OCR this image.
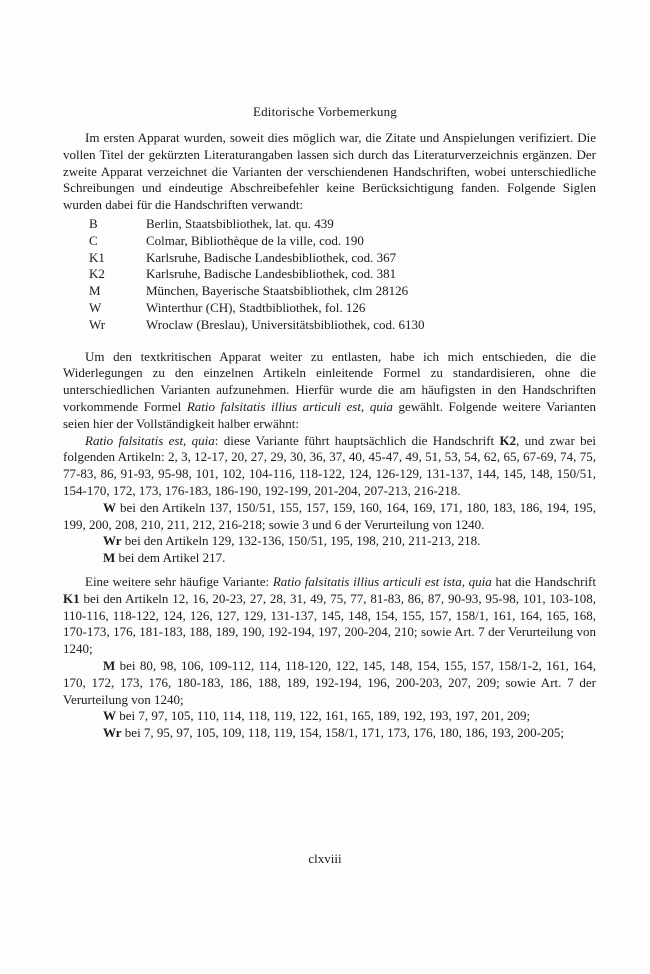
Editorische Vorbemerkung

Im ersten Apparat wurden, soweit dies möglich war, die Zitate und Anspielungen verifiziert. Die vollen Titel der gekürzten Literaturangaben lassen sich durch das Literaturverzeichnis ergänzen. Der zweite Apparat verzeichnet die Varianten der verschiendenen Handschriften, wobei unterschiedliche Schreibungen und eindeutige Abschreibefehler keine Berücksichtigung fanden. Folgende Siglen wurden dabei für die Handschriften verwandt:

B	Berlin, Staatsbibliothek, lat. qu. 439
C	Colmar, Bibliothèque de la ville, cod. 190
K1	Karlsruhe, Badische Landesbibliothek, cod. 367
K2	Karlsruhe, Badische Landesbibliothek, cod. 381
M	München, Bayerische Staatsbibliothek, clm 28126
W	Winterthur (CH), Stadtbibliothek, fol. 126
Wr	Wroclaw (Breslau), Universitätsbibliothek, cod. 6130

Um den textkritischen Apparat weiter zu entlasten, habe ich mich entschieden, die die Widerlegungen zu den einzelnen Artikeln einleitende Formel zu standardisieren, ohne die unterschiedlichen Varianten aufzunehmen. Hierfür wurde die am häufigsten in den Handschriften vorkommende Formel Ratio falsitatis illius articuli est, quia gewählt. Folgende weitere Varianten seien hier der Vollständigkeit halber erwähnt:

Ratio falsitatis est, quia: diese Variante führt hauptsächlich die Handschrift K2, und zwar bei folgenden Artikeln: 2, 3, 12-17, 20, 27, 29, 30, 36, 37, 40, 45-47, 49, 51, 53, 54, 62, 65, 67-69, 74, 75, 77-83, 86, 91-93, 95-98, 101, 102, 104-116, 118-122, 124, 126-129, 131-137, 144, 145, 148, 150/51, 154-170, 172, 173, 176-183, 186-190, 192-199, 201-204, 207-213, 216-218.

W bei den Artikeln 137, 150/51, 155, 157, 159, 160, 164, 169, 171, 180, 183, 186, 194, 195, 199, 200, 208, 210, 211, 212, 216-218; sowie 3 und 6 der Verurteilung von 1240.

Wr bei den Artikeln 129, 132-136, 150/51, 195, 198, 210, 211-213, 218.

M bei dem Artikel 217.

Eine weitere sehr häufige Variante: Ratio falsitatis illius articuli est ista, quia hat die Handschrift K1 bei den Artikeln 12, 16, 20-23, 27, 28, 31, 49, 75, 77, 81-83, 86, 87, 90-93, 95-98, 101, 103-108, 110-116, 118-122, 124, 126, 127, 129, 131-137, 145, 148, 154, 155, 157, 158/1, 161, 164, 165, 168, 170-173, 176, 181-183, 188, 189, 190, 192-194, 197, 200-204, 210; sowie Art. 7 der Verurteilung von 1240;

M bei 80, 98, 106, 109-112, 114, 118-120, 122, 145, 148, 154, 155, 157, 158/1-2, 161, 164, 170, 172, 173, 176, 180-183, 186, 188, 189, 192-194, 196, 200-203, 207, 209; sowie Art. 7 der Verurteilung von 1240;

W bei 7, 97, 105, 110, 114, 118, 119, 122, 161, 165, 189, 192, 193, 197, 201, 209;

Wr bei 7, 95, 97, 105, 109, 118, 119, 154, 158/1, 171, 173, 176, 180, 186, 193, 200-205;

clxviii
